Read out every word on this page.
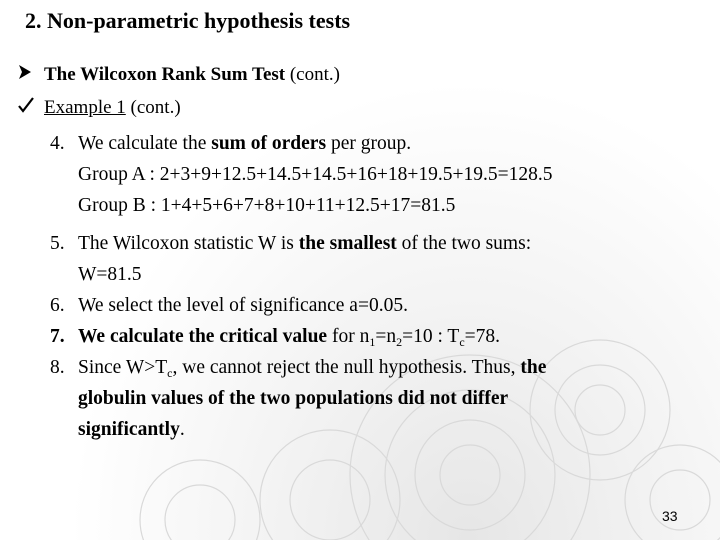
2. Non-parametric hypothesis tests
The Wilcoxon Rank Sum Test (cont.)
Example 1 (cont.)
4. We calculate the sum of orders per group.
Group A : 2+3+9+12.5+14.5+14.5+16+18+19.5+19.5=128.5
Group B : 1+4+5+6+7+8+10+11+12.5+17=81.5
5. The Wilcoxon statistic W is the smallest of the two sums:
W=81.5
6. We select the level of significance a=0.05.
7. We calculate the critical value for $n_1=n_2=10$ : $T_c=78$.
8. Since $W>T_c$, we cannot reject the null hypothesis. Thus, the
globulin values of the two populations did not differ
significantly.
33
